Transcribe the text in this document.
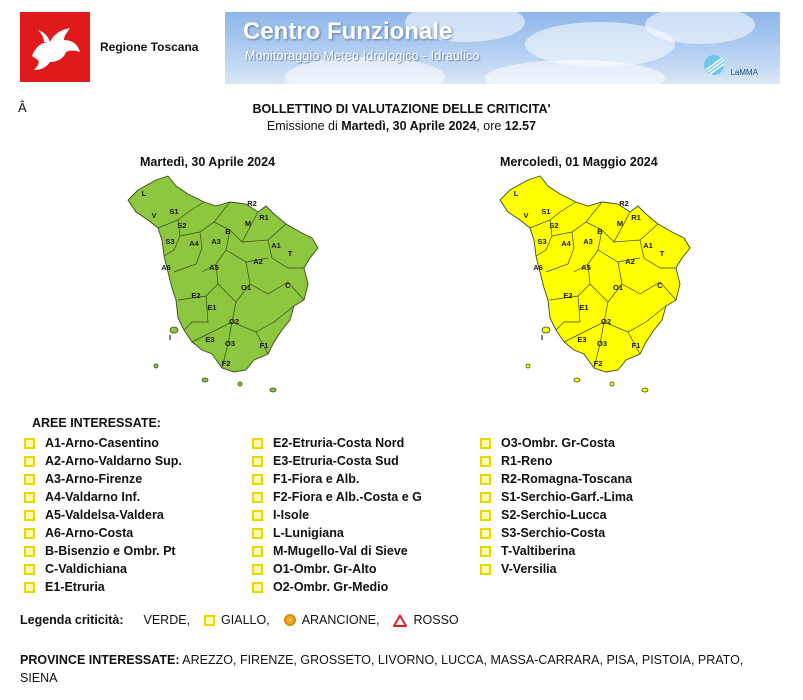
Regione Toscana
Centro Funzionale
Monitoraggio Meteo Idrologico - Idraulico
LaMMA
Â	BOLLETTINO DI VALUTAZIONE DELLE CRITICITA'
Emissione di Martedì, 30 Aprile 2024, ore 12.57
Martedì, 30 Aprile 2024	Mercoledì, 01 Maggio 2024
L
R2
S1
M
V
S2
B
A1
S3 A4 A3
T
A2
A6	A5
C
R1
O1
E2
E1
O2
E3 O3	F1
F2
I
L
R2
S1
M
V
S2
B
A1
S3 A4 A3
T
A2
A6	A5
C
R1
O1
E2
E1
O2
E3 O3	F1
F2
I
AREE INTERESSATE:
A1-Arno-Casentino
A2-Arno-Valdarno Sup.
A3-Arno-Firenze
A4-Valdarno Inf.
A5-Valdelsa-Valdera
A6-Arno-Costa
B-Bisenzio e Ombr. Pt
C-Valdichiana
E1-Etruria
E2-Etruria-Costa Nord
E3-Etruria-Costa Sud
F1-Fiora e Alb.
F2-Fiora e Alb.-Costa e G
I-Isole
L-Lunigiana
M-Mugello-Val di Sieve
O1-Ombr. Gr-Alto
O2-Ombr. Gr-Medio
O3-Ombr. Gr-Costa
R1-Reno
R2-Romagna-Toscana
S1-Serchio-Garf.-Lima
S2-Serchio-Lucca
S3-Serchio-Costa
T-Valtiberina
V-Versilia
Legenda criticità: VERDE, GIALLO,	ARANCIONE,	ROSSO
PROVINCE INTERESSATE: AREZZO, FIRENZE, GROSSETO, LIVORNO, LUCCA, MASSA-CARRARA, PISA, PISTOIA, PRATO, SIENA
